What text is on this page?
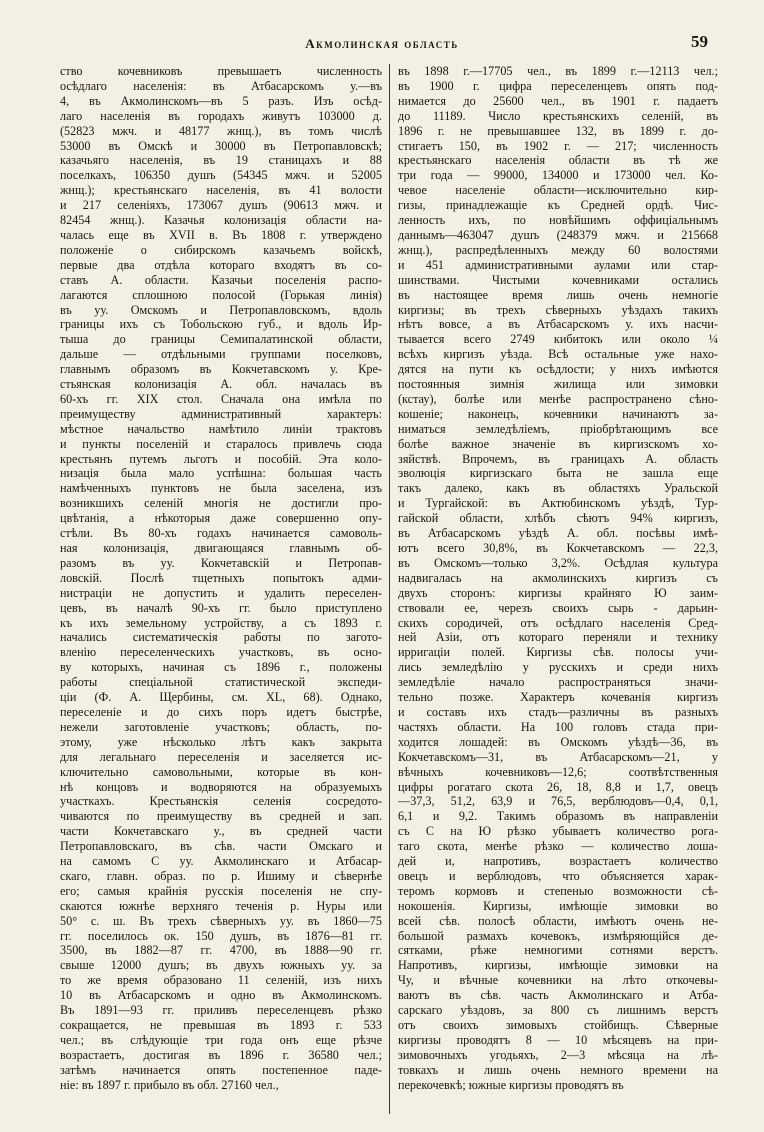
Акмолинская область	59
ство кочевниковъ превышаетъ численность
осѣдлаго населенія: въ Атбасарскомъ у.—въ
4, въ Акмолинскомъ—въ 5 разъ. Изъ осѣд-
лаго населенія въ городахъ живутъ 103000 д.
(52823 мжч. и 48177 жнщ.), въ томъ числѣ
53000 въ Омскѣ и 30000 въ Петропавловскѣ;
казачьяго населенія, въ 19 станицахъ и 88
поселкахъ, 106350 душъ (54345 мжч. и 52005
жнщ.); крестьянскаго населенія, въ 41 волости
и 217 селеніяхъ, 173067 душъ (90613 мжч. и
82454 жнщ.). Казачья колонизація области на-
чалась еще въ XVII в. Въ 1808 г. утверждено
положеніе о сибирскомъ казачьемъ войскѣ,
первые два отдѣла котораго входятъ въ со-
ставъ А. области. Казачьи поселенія распо-
лагаются сплошною полосой (Горькая линія)
въ уу. Омскомъ и Петропавловскомъ, вдоль
границы ихъ съ Тобольскою губ., и вдоль Ир-
тыша до границы Семипалатинской области,
дальше — отдѣльными группами поселковъ,
главнымъ образомъ въ Кокчетавскомъ у. Кре-
стьянская колонизація А. обл. началась въ
60-хъ гг. XIX стол. Сначала она имѣла по
преимуществу административный характеръ:
мѣстное начальство намѣтило линіи трактовъ
и пункты поселеній и старалось привлечь сюда
крестьянъ путемъ льготъ и пособій. Эта коло-
низація была мало успѣшна: большая часть
намѣченныхъ пунктовъ не была заселена, изъ
возникшихъ селеній многія не достигли про-
цвѣтанія, а нѣкоторыя даже совершенно опу-
стѣли. Въ 80-хъ годахъ начинается самоволь-
ная колонизація, двигающаяся главнымъ об-
разомъ въ уу. Кокчетавскій и Петропав-
ловскій. Послѣ тщетныхъ попытокъ адми-
нистраціи не допустить и удалить переселен-
цевъ, въ началѣ 90-хъ гг. было приступлено
къ ихъ земельному устройству, а съ 1893 г.
начались систематическія работы по загото-
вленію переселенческихъ участковъ, въ осно-
ву которыхъ, начиная съ 1896 г., положены
работы спеціальной статистической экспеди-
ціи (Ф. А. Щербины, см. XL, 68). Однако,
переселеніе и до сихъ поръ идетъ быстрѣе,
нежели заготовленіе участковъ; область, по-
этому, уже нѣсколько лѣтъ какъ закрыта
для легальнаго переселенія и заселяется ис-
ключительно самовольными, которые въ кон-
нѣ концовъ и водворяются на образуемыхъ
участкахъ. Крестьянскія селенія сосредото-
чиваются по преимуществу въ средней и зап.
части Кокчетавскаго у., въ средней части
Петропавловскаго, въ сѣв. части Омскаго и
на самомъ С уу. Акмолинскаго и Атбасар-
скаго, главн. образ. по р. Ишиму и сѣвернѣе
его; самыя крайнія русскія поселенія не спу-
скаются южнѣе верхняго теченія р. Нуры или
50° с. ш. Въ трехъ сѣверныхъ уу. въ 1860—75
гг. поселилось ок. 150 душъ, въ 1876—81 гг.
3500, въ 1882—87 гг. 4700, въ 1888—90 гг.
свыше 12000 душъ; въ двухъ южныхъ уу. за
то же время образовано 11 селеній, изъ нихъ
10 въ Атбасарскомъ и одно въ Акмолинскомъ.
Въ 1891—93 гг. приливъ переселенцевъ рѣзко
сокращается, не превышая въ 1893 г. 533
чел.; въ слѣдующіе три года онъ еще рѣзче
возрастаетъ, достигая въ 1896 г. 36580 чел.;
затѣмъ начинается опять постепенное паде-
ніе: въ 1897 г. прибыло въ обл. 27160 чел.,
въ 1898 г.—17705 чел., въ 1899 г.—12113 чел.;
въ 1900 г. цифра переселенцевъ опять под-
нимается до 25600 чел., въ 1901 г. падаетъ
до 11189. Число крестьянскихъ селеній, въ
1896 г. не превышавшее 132, въ 1899 г. до-
стигаетъ 150, въ 1902 г. — 217; численность
крестьянскаго населенія области въ тѣ же
три года — 99000, 134000 и 173000 чел. Ко-
чевое населеніе области—исключительно кир-
гизы, принадлежащіе къ Средней ордѣ. Чис-
ленность ихъ, по новѣйшимъ оффиціальнымъ
даннымъ—463047 душъ (248379 мжч. и 215668
жнщ.), распредѣленныхъ между 60 волостями
и 451 административными аулами или стар-
шинствами. Чистыми кочевниками остались
въ настоящее время лишь очень немногіе
киргизы; въ трехъ сѣверныхъ уѣздахъ такихъ
нѣтъ вовсе, а въ Атбасарскомъ у. ихъ насчи-
тывается всего 2749 кибитокъ или около ¼
всѣхъ киргизъ уѣзда. Всѣ остальные уже нахо-
дятся на пути къ осѣдлости; у нихъ имѣются
постоянныя зимнія жилища или зимовки
(кстау), болѣе или менѣе распространено сѣно-
кошеніе; наконецъ, кочевники начинаютъ за-
ниматься земледѣліемъ, пріобрѣтающимъ все
болѣе важное значеніе въ киргизскомъ хо-
зяйствѣ. Впрочемъ, въ границахъ А. область
эволюція киргизскаго быта не зашла еще
такъ далеко, какъ въ областяхъ Уральской
и Тургайской: въ Актюбинскомъ уѣздѣ, Тур-
гайской области, хлѣбъ сѣютъ 94% киргизъ,
въ Атбасарскомъ уѣздѣ А. обл. посѣвы имѣ-
ютъ всего 30,8%, въ Кокчетавскомъ — 22,3,
въ Омскомъ—только 3,2%. Осѣдлая культура
надвигалась на акмолинскихъ киргизъ съ
двухъ сторонъ: киргизы крайняго Ю заим-
ствовали ее, черезъ своихъ сырь - дарьин-
скихъ сородичей, отъ осѣдлаго населенія Сред-
ней Азіи, отъ котораго переняли и технику
ирригаціи полей. Киргизы сѣв. полосы учи-
лись земледѣлію у русскихъ и среди нихъ
земледѣліе начало распространяться значи-
тельно позже. Характеръ кочеванія киргизъ
и составъ ихъ стадъ—различны въ разныхъ
частяхъ области. На 100 головъ стада при-
ходится лошадей: въ Омскомъ уѣздѣ—36, въ
Кокчетавскомъ—31, въ Атбасарскомъ—21, у
вѣчныхъ кочевниковъ—12,6; соотвѣтственныя
цифры рогатаго скота 26, 18, 8,8 и 1,7, овецъ
—37,3, 51,2, 63,9 и 76,5, верблюдовъ—0,4, 0,1,
6,1 и 9,2. Такимъ образомъ въ направленіи
съ С на Ю рѣзко убываетъ количество рога-
таго скота, менѣе рѣзко — количество лоша-
дей и, напротивъ, возрастаетъ количество
овецъ и верблюдовъ, что объясняется харак-
теромъ кормовъ и степенью возможности сѣ-
нокошенія. Киргизы, имѣющіе зимовки во
всей сѣв. полосѣ области, имѣютъ очень не-
большой размахъ кочевокъ, измѣряющійся де-
сятками, рѣже немногими сотнями верстъ.
Напротивъ, киргизы, имѣющіе зимовки на
Чу, и вѣчные кочевники на лѣто откочевы-
ваютъ въ сѣв. часть Акмолинскаго и Атба-
сарскаго уѣздовъ, за 800 съ лишнимъ верстъ
отъ своихъ зимовыхъ стойбищъ. Сѣверные
киргизы проводятъ 8 — 10 мѣсяцевъ на при-
зимовочныхъ угодьяхъ, 2—3 мѣсяца на лѣ-
товкахъ и лишь очень немного времени на
перекочевкѣ; южные киргизы проводятъ въ
